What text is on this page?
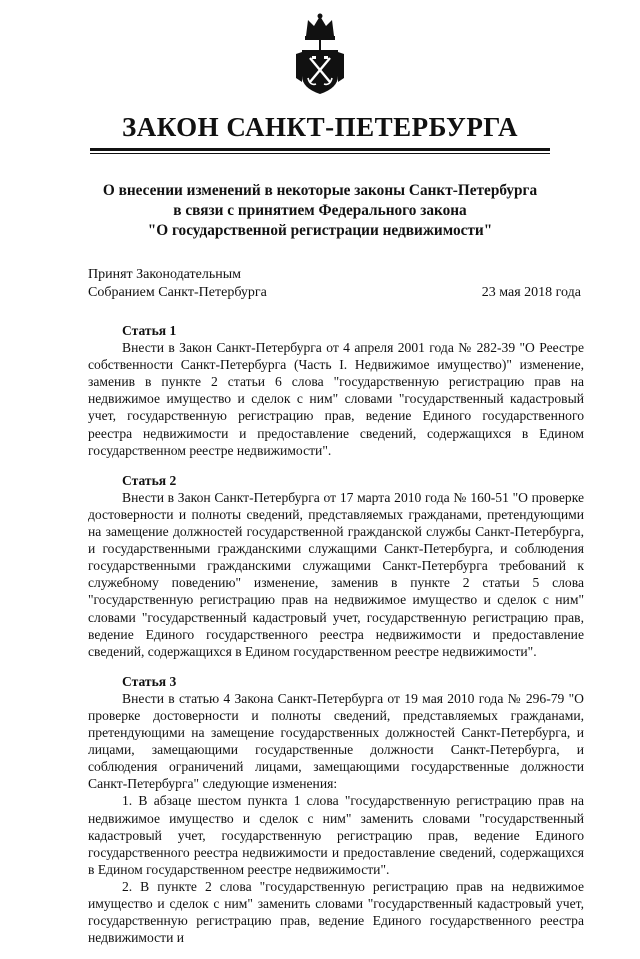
ЗАКОН САНКТ-ПЕТЕРБУРГА
О внесении изменений в некоторые законы Санкт-Петербурга
в связи с принятием Федерального закона
"О государственной регистрации недвижимости"
Принят Законодательным
Собранием Санкт-Петербурга	23 мая 2018 года

Статья 1

Внести в Закон Санкт-Петербурга от 4 апреля 2001 года № 282-39 "О Реестре собственности Санкт-Петербурга (Часть I. Недвижимое имущество)" изменение, заменив в пункте 2 статьи 6 слова "государственную регистрацию прав на недвижимое имущество и сделок с ним" словами "государственный кадастровый учет, государственную регистрацию прав, ведение Единого государственного реестра недвижимости и предоставление сведений, содержащихся в Едином государственном реестре недвижимости".

Статья 2

Внести в Закон Санкт-Петербурга от 17 марта 2010 года № 160-51 "О проверке достоверности и полноты сведений, представляемых гражданами, претендующими на замещение должностей государственной гражданской службы Санкт-Петербурга, и государственными гражданскими служащими Санкт-Петербурга, и соблюдения государственными гражданскими служащими Санкт-Петербурга требований к служебному поведению" изменение, заменив в пункте 2 статьи 5 слова "государственную регистрацию прав на недвижимое имущество и сделок с ним" словами "государственный кадастровый учет, государственную регистрацию прав, ведение Единого государственного реестра недвижимости и предоставление сведений, содержащихся в Едином государственном реестре недвижимости".

Статья 3

Внести в статью 4 Закона Санкт-Петербурга от 19 мая 2010 года № 296-79 "О проверке достоверности и полноты сведений, представляемых гражданами, претендующими на замещение государственных должностей Санкт-Петербурга, и лицами, замещающими государственные должности Санкт-Петербурга, и соблюдения ограничений лицами, замещающими государственные должности Санкт-Петербурга" следующие изменения:

1. В абзаце шестом пункта 1 слова "государственную регистрацию прав на недвижимое имущество и сделок с ним" заменить словами "государственный кадастровый учет, государственную регистрацию прав, ведение Единого государственного реестра недвижимости и предоставление сведений, содержащихся в Едином государственном реестре недвижимости".

2. В пункте 2 слова "государственную регистрацию прав на недвижимое имущество и сделок с ним" заменить словами "государственный кадастровый учет, государственную регистрацию прав, ведение Единого государственного реестра недвижимости и
